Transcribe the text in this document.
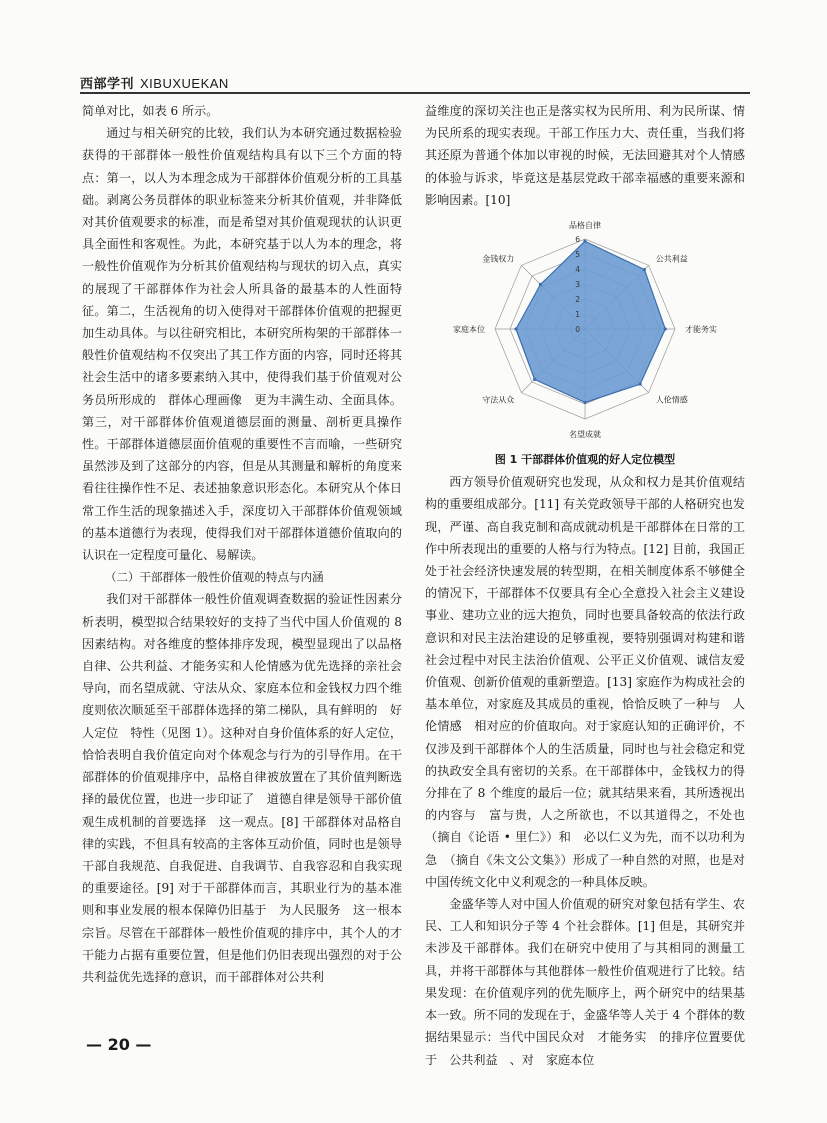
西部学刊 XIBUXUEKAN

简单对比，如表 6 所示。

通过与相关研究的比较，我们认为本研究通过数据检验获得的干部群体一般性价值观结构具有以下三个方面的特点：第一，以人为本理念成为干部群体价值观分析的工具基础。剥离公务员群体的职业标签来分析其价值观，并非降低对其价值观要求的标准，而是希望对其价值观现状的认识更具全面性和客观性。为此，本研究基于以人为本的理念，将一般性价值观作为分析其价值观结构与现状的切入点，真实的展现了干部群体作为社会人所具备的最基本的人性面特征。第二，生活视角的切入使得对干部群体价值观的把握更加生动具体。与以往研究相比，本研究所构架的干部群体一般性价值观结构不仅突出了其工作方面的内容，同时还将其社会生活中的诸多要素纳入其中，使得我们基于价值观对公务员所形成的　群体心理画像　更为丰满生动、全面具体。第三，对干部群体价值观道德层面的测量、剖析更具操作性。干部群体道德层面价值观的重要性不言而喻，一些研究虽然涉及到了这部分的内容，但是从其测量和解析的角度来看往往操作性不足、表述抽象意识形态化。本研究从个体日常工作生活的现象描述入手，深度切入干部群体价值观领域的基本道德行为表现，使得我们对干部群体道德价值取向的认识在一定程度可量化、易解读。

（二）干部群体一般性价值观的特点与内涵

我们对干部群体一般性价值观调查数据的验证性因素分析表明，模型拟合结果较好的支持了当代中国人价值观的 8 因素结构。对各维度的整体排序发现，模型显现出了以品格自律、公共利益、才能务实和人伦情感为优先选择的亲社会导向，而名望成就、守法从众、家庭本位和金钱权力四个维度则依次顺延至干部群体选择的第二梯队，具有鲜明的　好人定位　特性（见图 1）。这种对自身价值体系的好人定位，恰恰表明自我价值定向对个体观念与行为的引导作用。在干部群体的价值观排序中，品格自律被放置在了其价值判断选择的最优位置，也进一步印证了　道德自律是领导干部价值观生成机制的首要选择　这一观点。[8] 干部群体对品格自律的实践，不但具有较高的主客体互动价值，同时也是领导干部自我规范、自我促进、自我调节、自我容忍和自我实现的重要途径。[9] 对于干部群体而言，其职业行为的基本准则和事业发展的根本保障仍旧基于　为人民服务　这一根本宗旨。尽管在干部群体一般性价值观的排序中，其个人的才干能力占据有重要位置，但是他们仍旧表现出强烈的对于公共利益优先选择的意识，而干部群体对公共利

益维度的深切关注也正是落实权为民所用、利为民所谋、情为民所系的现实表现。干部工作压力大、责任重，当我们将其还原为普通个体加以审视的时候，无法回避其对个人情感的体验与诉求，毕竟这是基层党政干部幸福感的重要来源和影响因素。[10]

6
5
4
3
2
1
0
品格自律
公共利益
才能务实
人伦情感
名望成就
守法从众
家庭本位
金钱权力

图 1 干部群体价值观的好人定位模型

西方领导价值观研究也发现，从众和权力是其价值观结构的重要组成部分。[11] 有关党政领导干部的人格研究也发现，严谨、高自我克制和高成就动机是干部群体在日常的工作中所表现出的重要的人格与行为特点。[12] 目前，我国正处于社会经济快速发展的转型期，在相关制度体系不够健全的情况下，干部群体不仅要具有全心全意投入社会主义建设事业、建功立业的远大抱负，同时也要具备较高的依法行政意识和对民主法治建设的足够重视，要特别强调对构建和谐社会过程中对民主法治价值观、公平正义价值观、诚信友爱价值观、创新价值观的重新塑造。[13] 家庭作为构成社会的基本单位，对家庭及其成员的重视，恰恰反映了一种与　人伦情感　相对应的价值取向。对于家庭认知的正确评价，不仅涉及到干部群体个人的生活质量，同时也与社会稳定和党的执政安全具有密切的关系。在干部群体中，金钱权力的得分排在了 8 个维度的最后一位；就其结果来看，其所透视出的内容与　富与贵，人之所欲也，不以其道得之，不处也（摘自《论语 • 里仁》）和　必以仁义为先，而不以功利为急　（摘自《朱文公文集》）形成了一种自然的对照，也是对中国传统文化中义利观念的一种具体反映。

金盛华等人对中国人价值观的研究对象包括有学生、农民、工人和知识分子等 4 个社会群体。[1] 但是，其研究并未涉及干部群体。我们在研究中使用了与其相同的测量工具，并将干部群体与其他群体一般性价值观进行了比较。结果发现：在价值观序列的优先顺序上，两个研究中的结果基本一致。所不同的发现在于，金盛华等人关于 4 个群体的数据结果显示：当代中国民众对　才能务实　的排序位置要优于　公共利益　、对　家庭本位

— 20 —
